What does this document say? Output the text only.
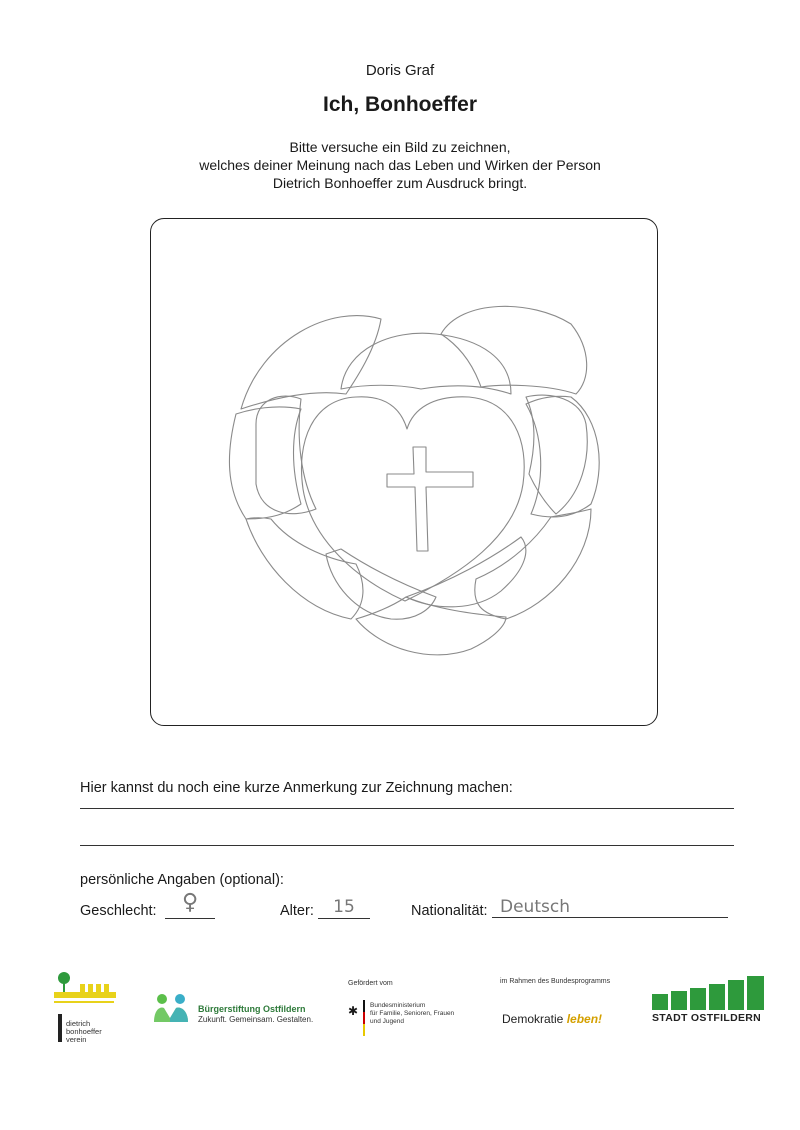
Doris Graf
Ich, Bonhoeffer
Bitte versuche ein Bild zu zeichnen,
welches deiner Meinung nach das Leben und Wirken der Person
Dietrich Bonhoeffer zum Ausdruck bringt.
Hier kannst du noch eine kurze Anmerkung zur Zeichnung machen:
persönliche Angaben (optional):
Geschlecht:	♀	Alter:	15	Nationalität: Deutsch
dietrich
bonhoeffer
verein
Bürgerstiftung Ostfildern
Zukunft. Gemeinsam. Gestalten.
Gefördert vom
✱ Bundesministerium
für Familie, Senioren, Frauen
und Jugend
im Rahmen des Bundesprogramms
Demokratie leben!	STADT OSTFILDERN
